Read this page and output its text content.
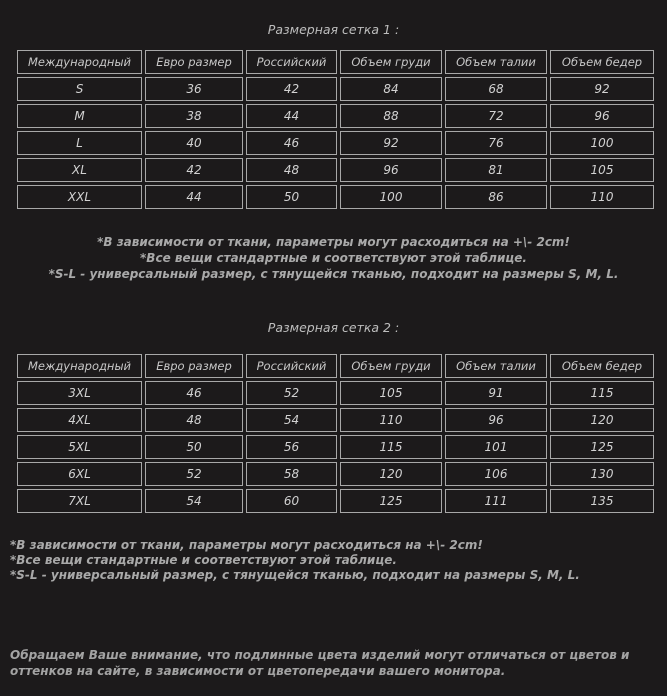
Размерная сетка 1 :
Международный	Евро размер	Российский	Объем груди	Объем талии	Объем бедер
S	36	42	84	68	92
M	38	44	88	72	96
L	40	46	92	76	100
XL	42	48	96	81	105
XXL	44	50	100	86	110
*В зависимости от ткани, параметры могут расходиться на +\- 2cm!
*Все вещи стандартные и соответствуют этой таблице.
*S-L - универсальный размер, с тянущейся тканью, подходит на размеры S, M, L.
Размерная сетка 2 :
Международный	Евро размер	Российский	Объем груди	Объем талии	Объем бедер
3XL	46	52	105	91	115
4XL	48	54	110	96	120
5XL	50	56	115	101	125
6XL	52	58	120	106	130
7XL	54	60	125	111	135
*В зависимости от ткани, параметры могут расходиться на +\- 2cm!
*Все вещи стандартные и соответствуют этой таблице.
*S-L - универсальный размер, с тянущейся тканью, подходит на размеры S, M, L.
Обращаем Ваше внимание, что подлинные цвета изделий могут отличаться от цветов и оттенков на сайте, в зависимости от цветопередачи вашего монитора.
